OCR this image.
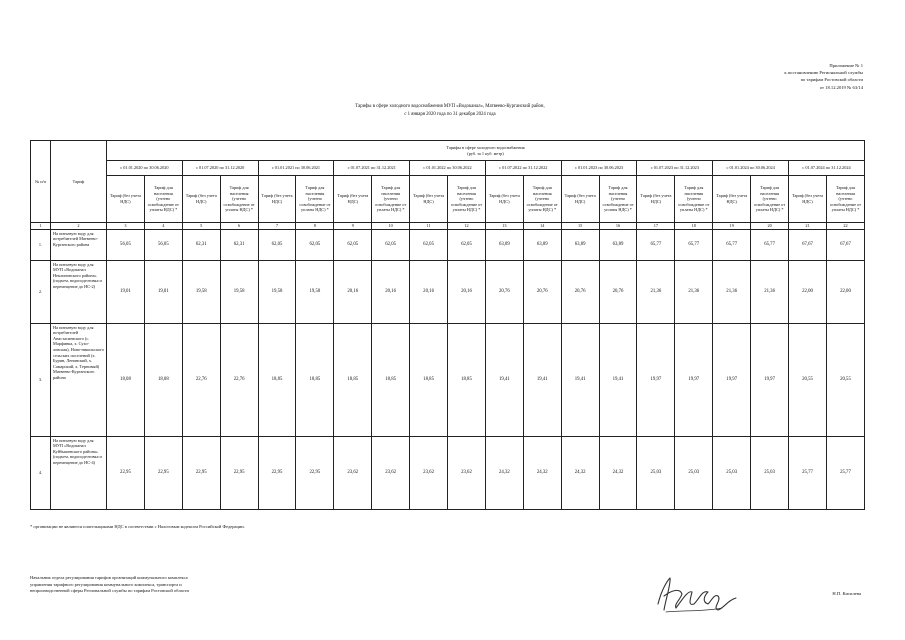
Приложение № 1
к постановлению Региональной службы
по тарифам Ростовской области
от 18.12.2019 № 63/14
Тарифы в сфере холодного водоснабжения МУП «Водоканал», Матвеево-Курганский район,
с 1 января 2020 года по 31 декабря 2024 года
№ п/п	Тариф	Тарифы в сфере холодного водоснабжения
(руб. за 1 куб. метр)																			

		с 01.01.2020 по 30.06.2020		с 01.07.2020 по 31.12.2020		с 01.01.2021 по 30.06.2021		с 01.07.2021 по 31.12.2021		с 01.01.2022 по 30.06.2022		с 01.07.2022 по 31.12.2022		с 01.01.2023 по 30.06.2023		с 01.07.2023 по 31.12.2023		с 01.01.2024 по 30.06.2024		с 01.07.2024 по 31.12.2024	
		Тариф (без учета НДС)	Тариф для населения (учтено освобождение от уплаты НДС) *	Тариф (без учета НДС)	Тариф для населения (учтено освобождение от уплаты НДС) *	Тариф (без учета НДС)	Тариф для населения (учтено освобождение от уплаты НДС) *	Тариф (без учета НДС)	Тариф для населения (учтено освобождение от уплаты НДС) *	Тариф (без учета НДС)	Тариф для населения (учтено освобождение от уплаты НДС) *	Тариф (без учета НДС)	Тариф для населения (учтено освобождение от уплаты НДС) *	Тариф (без учета НДС)	Тариф для населения (учтено освобождение от уплаты НДС) *	Тариф (без учета НДС)	Тариф для населения (учтено освобождение от уплаты НДС) *	Тариф (без учета НДС)	Тариф для населения (учтено освобождение от уплаты НДС) *	Тариф (без учета НДС)	Тариф для населения (учтено освобождение от уплаты НДС) *

1	2	3	4	5	6	7	8	9	10	11	12	13	14	15	16	17	18	19	20	21	22
1.	На питьевую воду для потребителей Матвеево-Курганского района	56,05	56,05	62,31	62,31	62,05	62,05	62,05	62,05	62,05	62,05	63,89	63,89	63,89	63,89	65,77	65,77	65,77	65,77	67,67	67,67
2.	На питьевую воду для МУП «Водоканал Неклиновского района» (подъем, водоподготовка и перемещение до НС-2)	19,01	19,01	19,58	19,58	19,58	19,58	20,16	20,16	20,16	20,16	20,76	20,76	20,76	20,76	21,36	21,36	21,36	21,36	22,00	22,00
3.	На питьевую воду для потребителей Анастасиевского (с. Марфинка, х. Сухо-ловская), Ново-никольского сельских поселений (х. Бурин, Ленинский, х. Самарский, х. Терновый) Матвеево-Курганского района	18,08	18,08	22,76	22,76	18,85	18,85	18,85	18,85	18,85	18,85	19,41	19,41	19,41	19,41	19,97	19,97	19,97	19,97	20,55	20,55
4.	На питьевую воду для МУП «Водоканал Куйбышевского района» (подъем, водоподготовка и перемещение до НС-4)	22,95	22,95	22,95	22,95	22,95	22,95	23,62	23,62	23,62	23,62	24,32	24,32	24,32	24,32	25,03	25,03	25,03	25,03	25,77	25,77
* организации не являются плательщиками НДС в соответствии с Налоговым кодексом Российской Федерации.
Начальник отдела регулирования тарифов организаций коммунального комплекса
управления тарифного регулирования коммунального комплекса, транспорта и
непроизводственной сферы Региональной службы по тарифам Ростовской области
Н.П. Кисилева
